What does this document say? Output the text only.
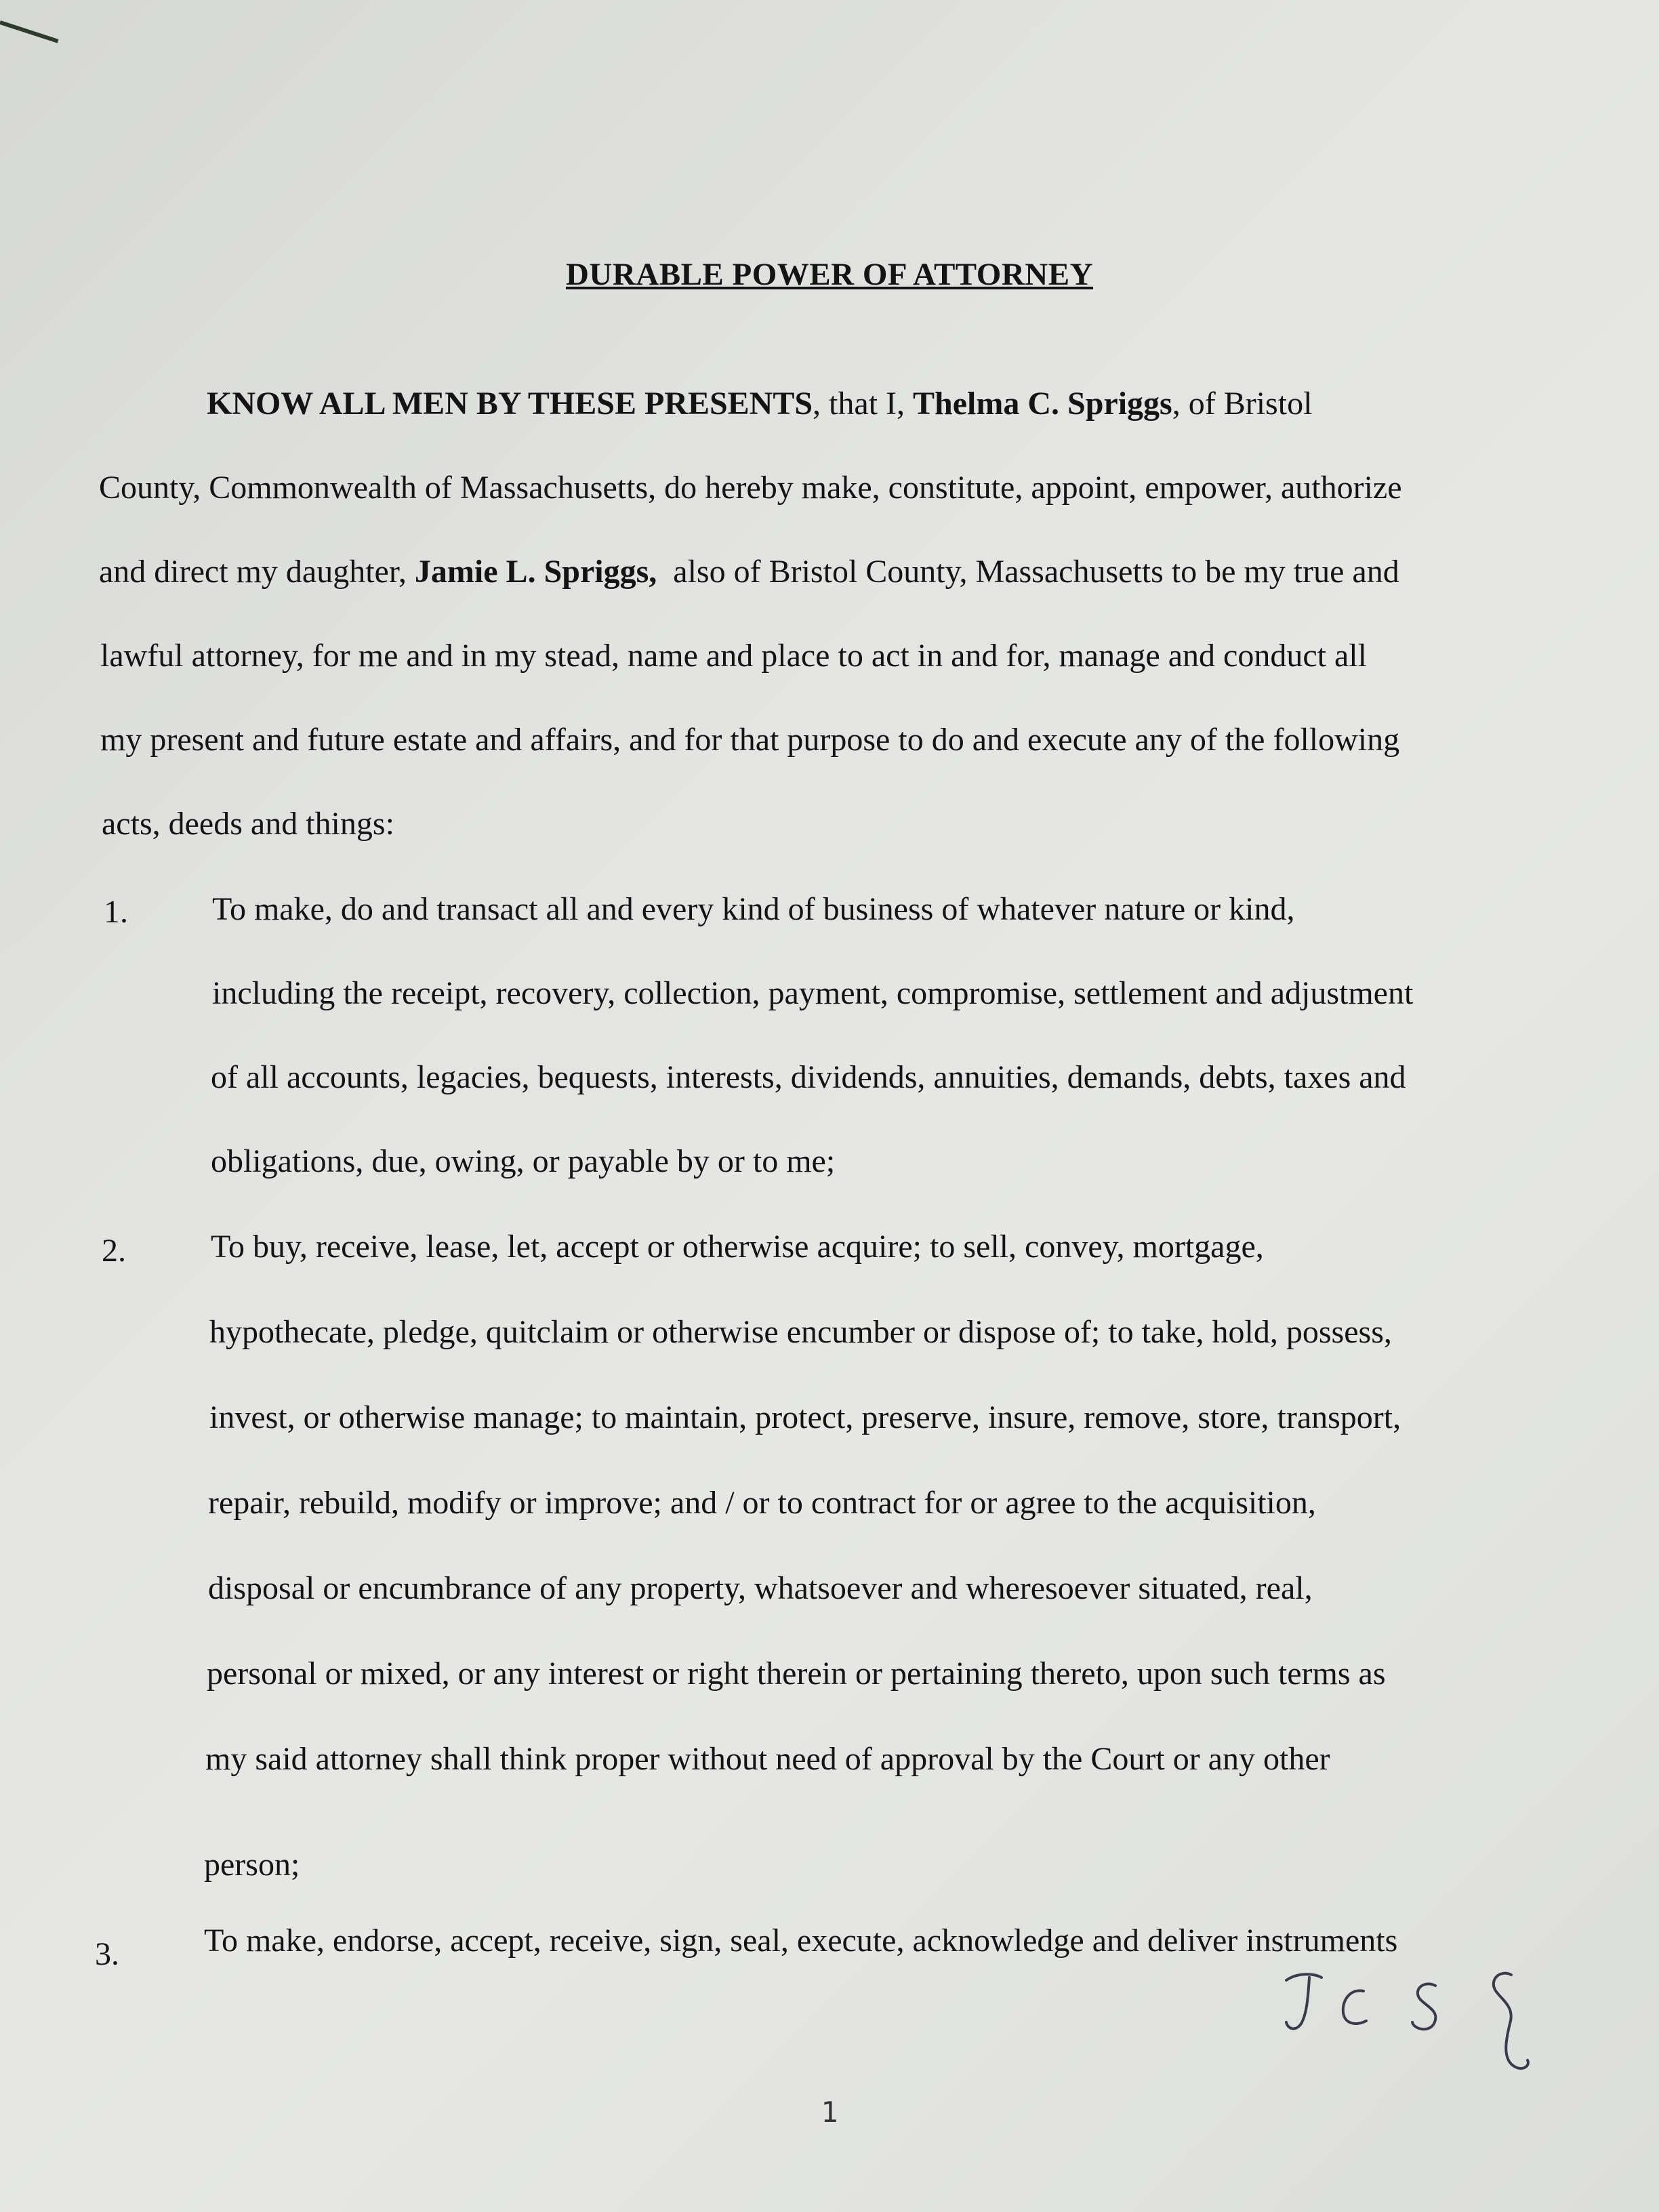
DURABLE POWER OF ATTORNEY
KNOW ALL MEN BY THESE PRESENTS, that I, Thelma C. Spriggs, of Bristol
County, Commonwealth of Massachusetts, do hereby make, constitute, appoint, empower, authorize
and direct my daughter, Jamie L. Spriggs,  also of Bristol County, Massachusetts to be my true and
lawful attorney, for me and in my stead, name and place to act in and for, manage and conduct all
my present and future estate and affairs, and for that purpose to do and execute any of the following
acts, deeds and things:
1.	To make, do and transact all and every kind of business of whatever nature or kind,
including the receipt, recovery, collection, payment, compromise, settlement and adjustment
of all accounts, legacies, bequests, interests, dividends, annuities, demands, debts, taxes and
obligations, due, owing, or payable by or to me;
2.	To buy, receive, lease, let, accept or otherwise acquire; to sell, convey, mortgage,
hypothecate, pledge, quitclaim or otherwise encumber or dispose of; to take, hold, possess,
invest, or otherwise manage; to maintain, protect, preserve, insure, remove, store, transport,
repair, rebuild, modify or improve; and / or to contract for or agree to the acquisition,
disposal or encumbrance of any property, whatsoever and wheresoever situated, real,
personal or mixed, or any interest or right therein or pertaining thereto, upon such terms as
my said attorney shall think proper without need of approval by the Court or any other
person;
3.	To make, endorse, accept, receive, sign, seal, execute, acknowledge and deliver instruments
1
